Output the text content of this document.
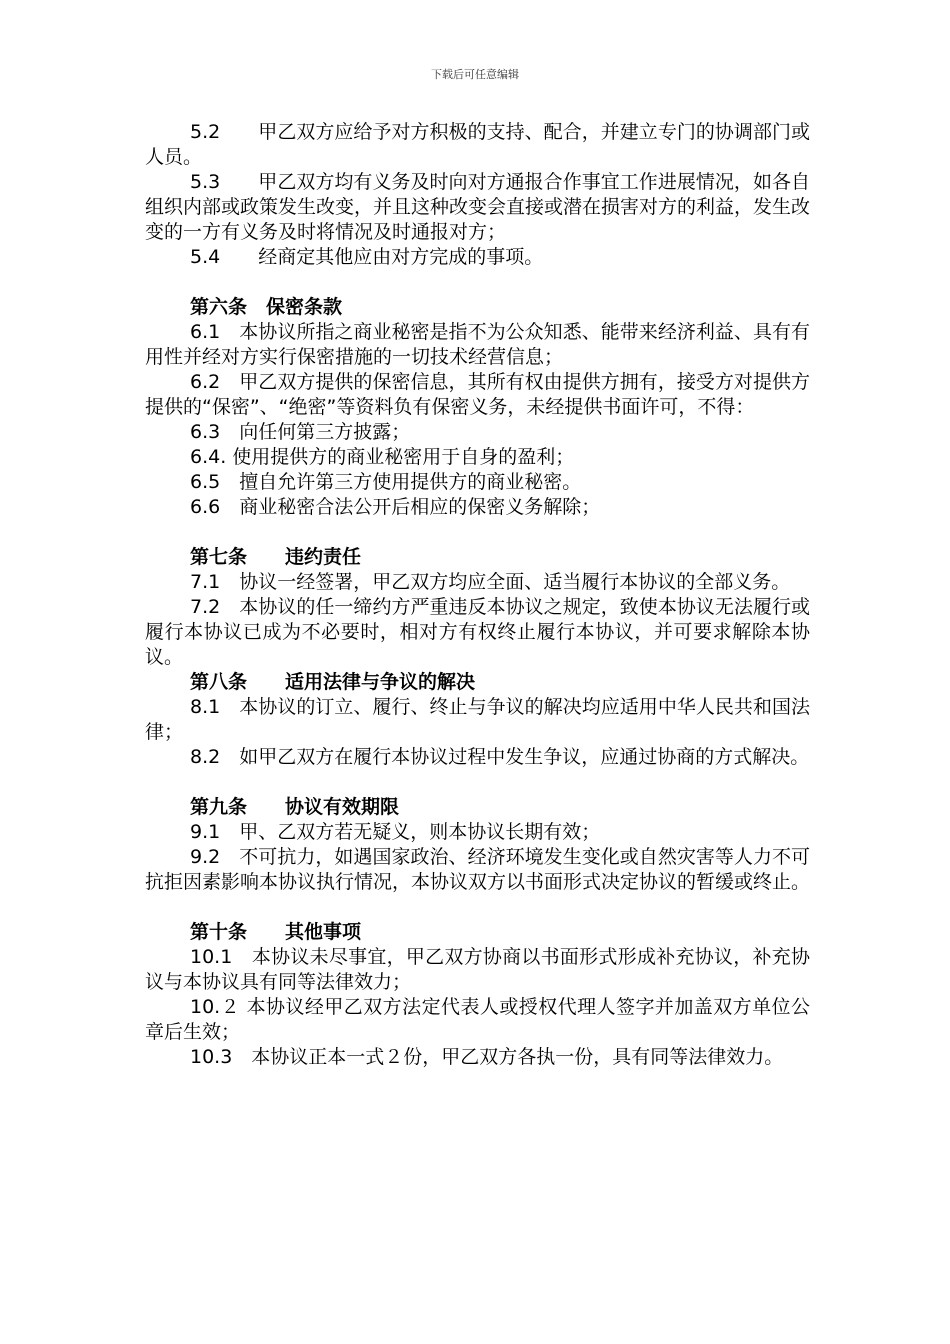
下载后可任意编辑
5.2　　甲乙双方应给予对方积极的支持、配合，并建立专门的协调部门或人员。
5.3　　甲乙双方均有义务及时向对方通报合作事宜工作进展情况，如各自组织内部或政策发生改变，并且这种改变会直接或潜在损害对方的利益，发生改变的一方有义务及时将情况及时通报对方；
5.4　　经商定其他应由对方完成的事项。
第六条　保密条款
6.1　本协议所指之商业秘密是指不为公众知悉、能带来经济利益、具有有用性并经对方实行保密措施的一切技术经营信息；
6.2　甲乙双方提供的保密信息，其所有权由提供方拥有，接受方对提供方提供的“保密”、“绝密”等资料负有保密义务，未经提供书面许可，不得：
6.3　向任何第三方披露；
6.4. 使用提供方的商业秘密用于自身的盈利；
6.5　擅自允许第三方使用提供方的商业秘密。
6.6　商业秘密合法公开后相应的保密义务解除；
第七条　　违约责任
7.1　协议一经签署，甲乙双方均应全面、适当履行本协议的全部义务。
7.2　本协议的任一缔约方严重违反本协议之规定，致使本协议无法履行或履行本协议已成为不必要时，相对方有权终止履行本协议，并可要求解除本协议。
第八条　　适用法律与争议的解决
8.1　本协议的订立、履行、终止与争议的解决均应适用中华人民共和国法律；
8.2　如甲乙双方在履行本协议过程中发生争议，应通过协商的方式解决。
第九条　　协议有效期限
9.1　甲、乙双方若无疑义，则本协议长期有效；
9.2　不可抗力，如遇国家政治、经济环境发生变化或自然灾害等人力不可抗拒因素影响本协议执行情况，本协议双方以书面形式决定协议的暂缓或终止。
第十条　　其他事项
10.1　本协议未尽事宜，甲乙双方协商以书面形式形成补充协议，补充协议与本协议具有同等法律效力；
10.２ 本协议经甲乙双方法定代表人或授权代理人签字并加盖双方单位公章后生效；
10.3　本协议正本一式２份，甲乙双方各执一份，具有同等法律效力。
